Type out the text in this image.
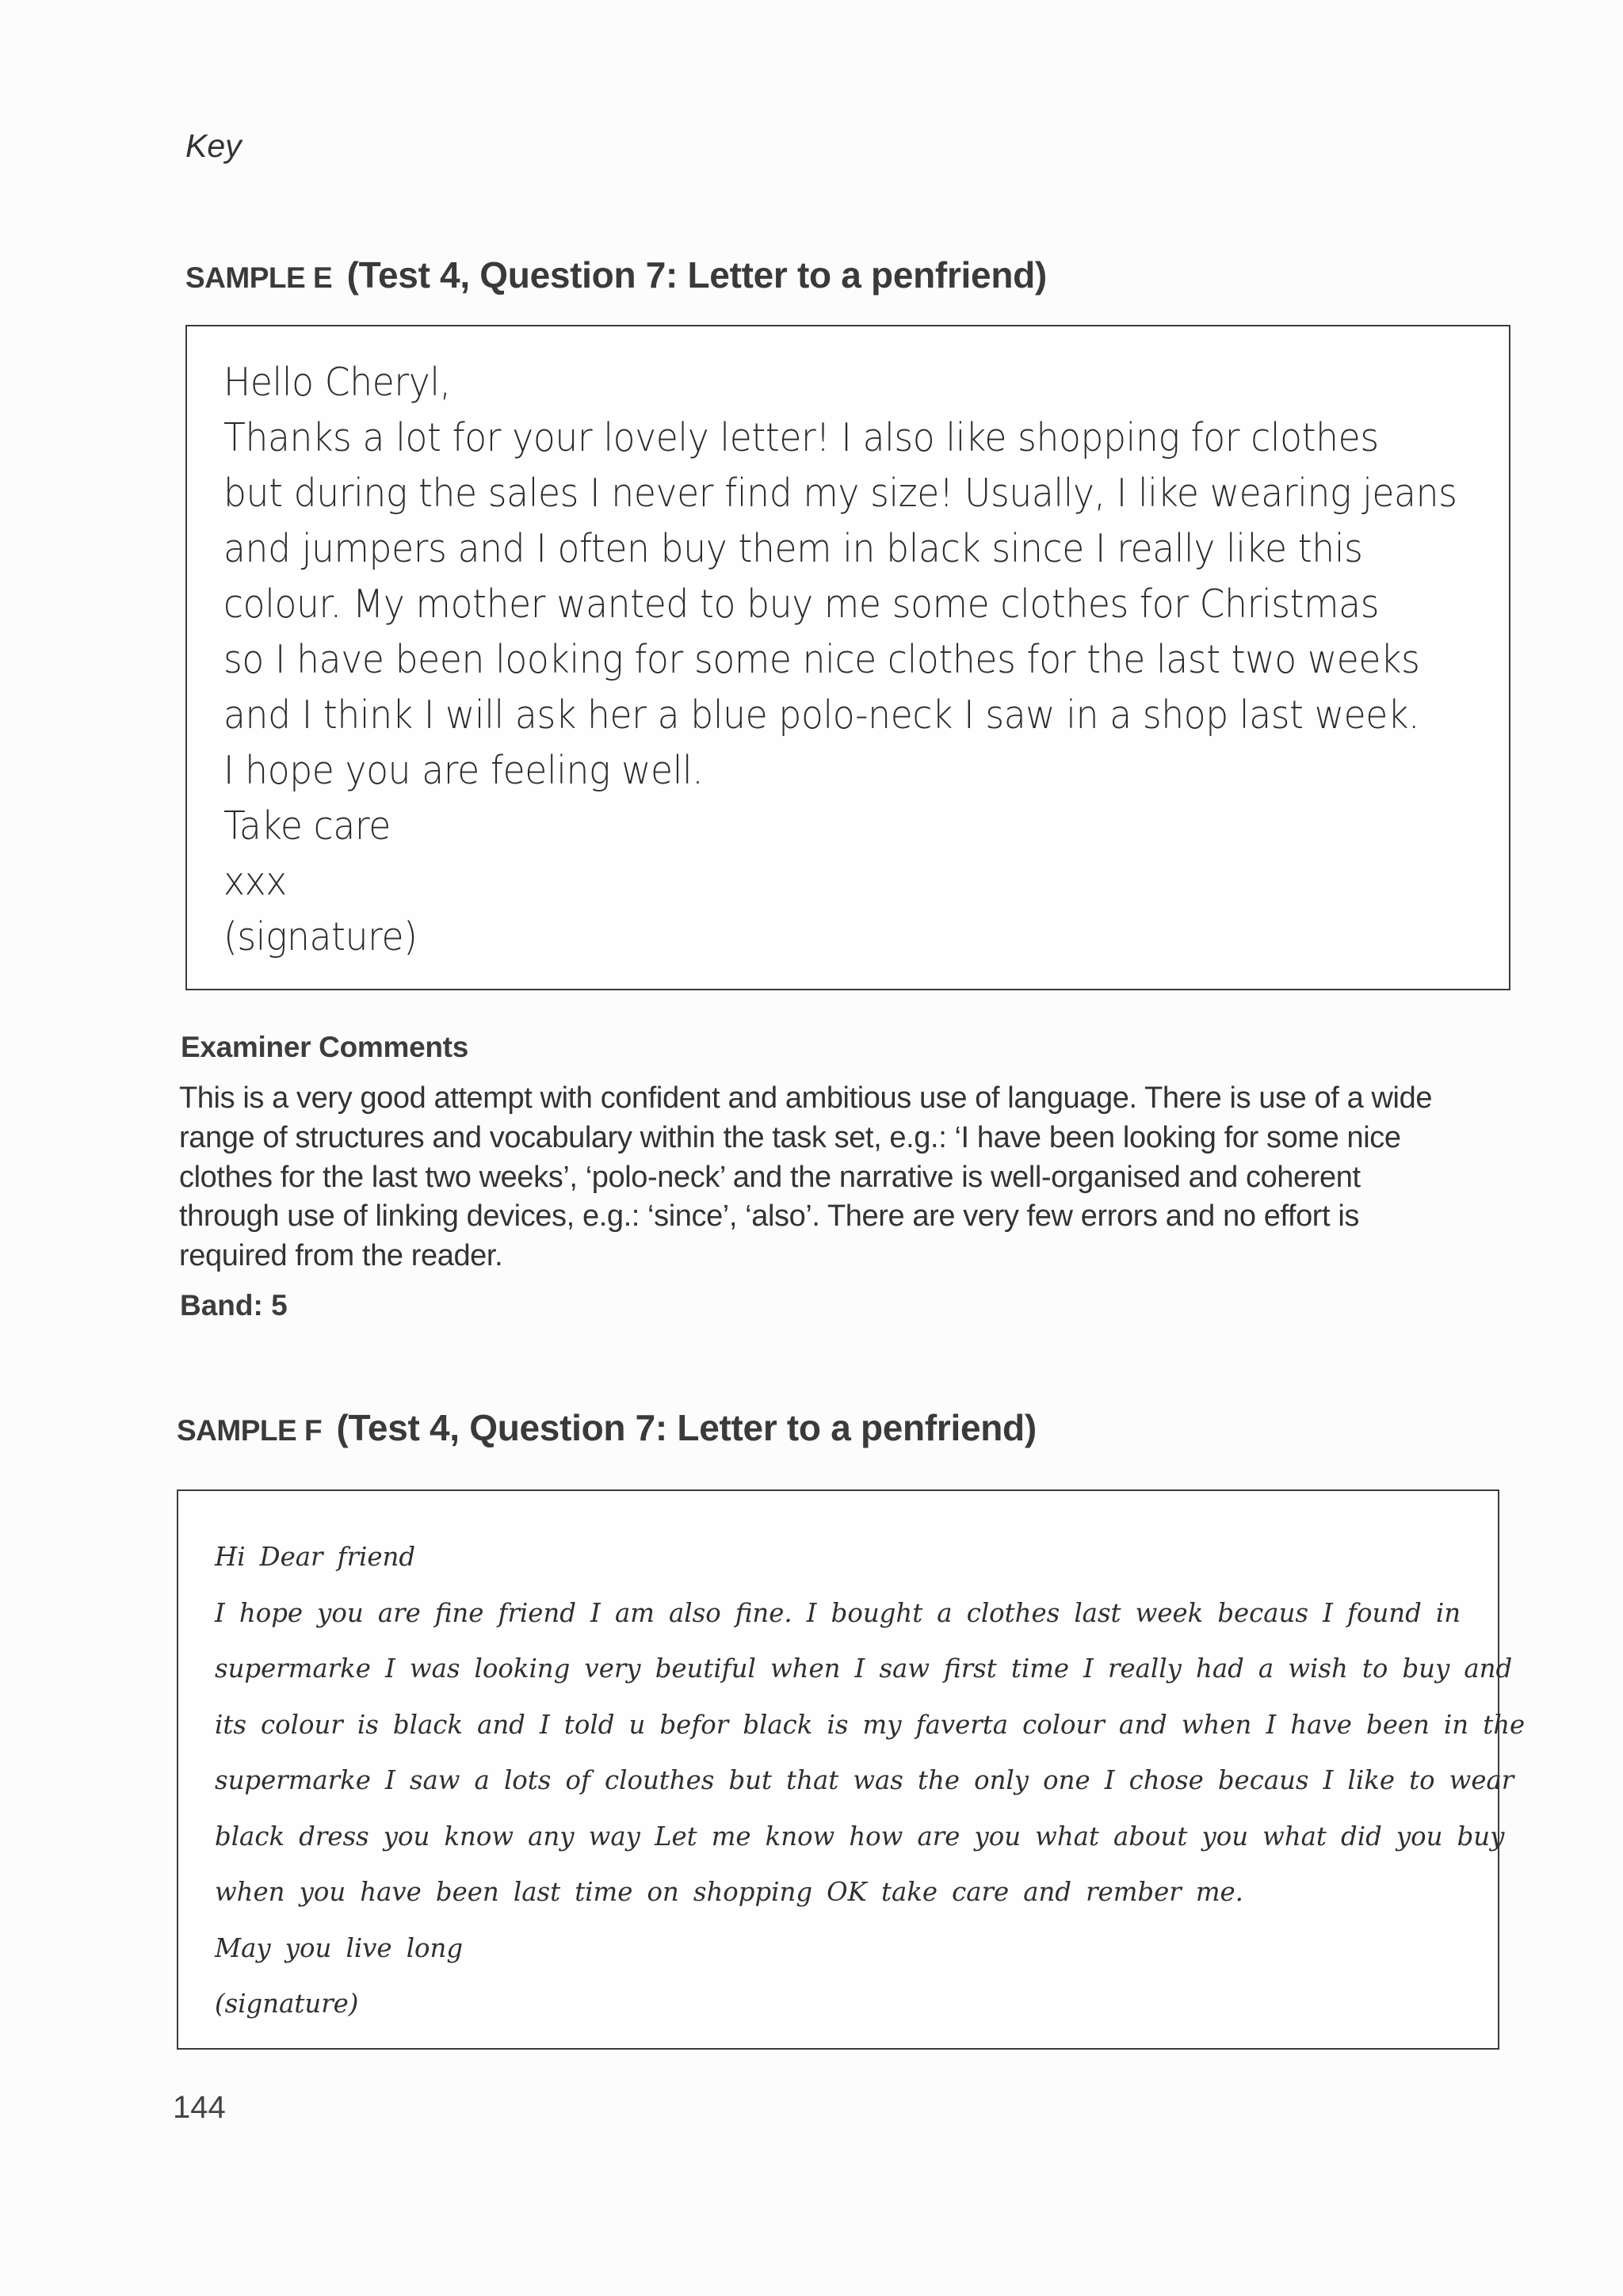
Key
SAMPLE E (Test 4, Question 7: Letter to a penfriend)
Hello Cheryl,
Thanks a lot for your lovely letter! I also like shopping for clothes
but during the sales I never find my size! Usually, I like wearing jeans
and jumpers and I often buy them in black since I really like this
colour. My mother wanted to buy me some clothes for Christmas
so I have been looking for some nice clothes for the last two weeks
and I think I will ask her a blue polo-neck I saw in a shop last week.
I hope you are feeling well.
Take care
xxx
(signature)
Examiner Comments
This is a very good attempt with confident and ambitious use of language. There is use of a wide
range of structures and vocabulary within the task set, e.g.: ‘I have been looking for some nice
clothes for the last two weeks’, ‘polo-neck’ and the narrative is well-organised and coherent
through use of linking devices, e.g.: ‘since’, ‘also’. There are very few errors and no effort is
required from the reader.
Band: 5
SAMPLE F (Test 4, Question 7: Letter to a penfriend)
Hi Dear friend
I hope you are fine friend I am also fine. I bought a clothes last week becaus I found in
supermarke I was looking very beutiful when I saw first time I really had a wish to buy and
its colour is black and I told u befor black is my faverta colour and when I have been in the
supermarke I saw a lots of clouthes but that was the only one I chose becaus I like to wear
black dress you know any way Let me know how are you what about you what did you buy
when you have been last time on shopping OK take care and rember me.
May you live long
(signature)
144
